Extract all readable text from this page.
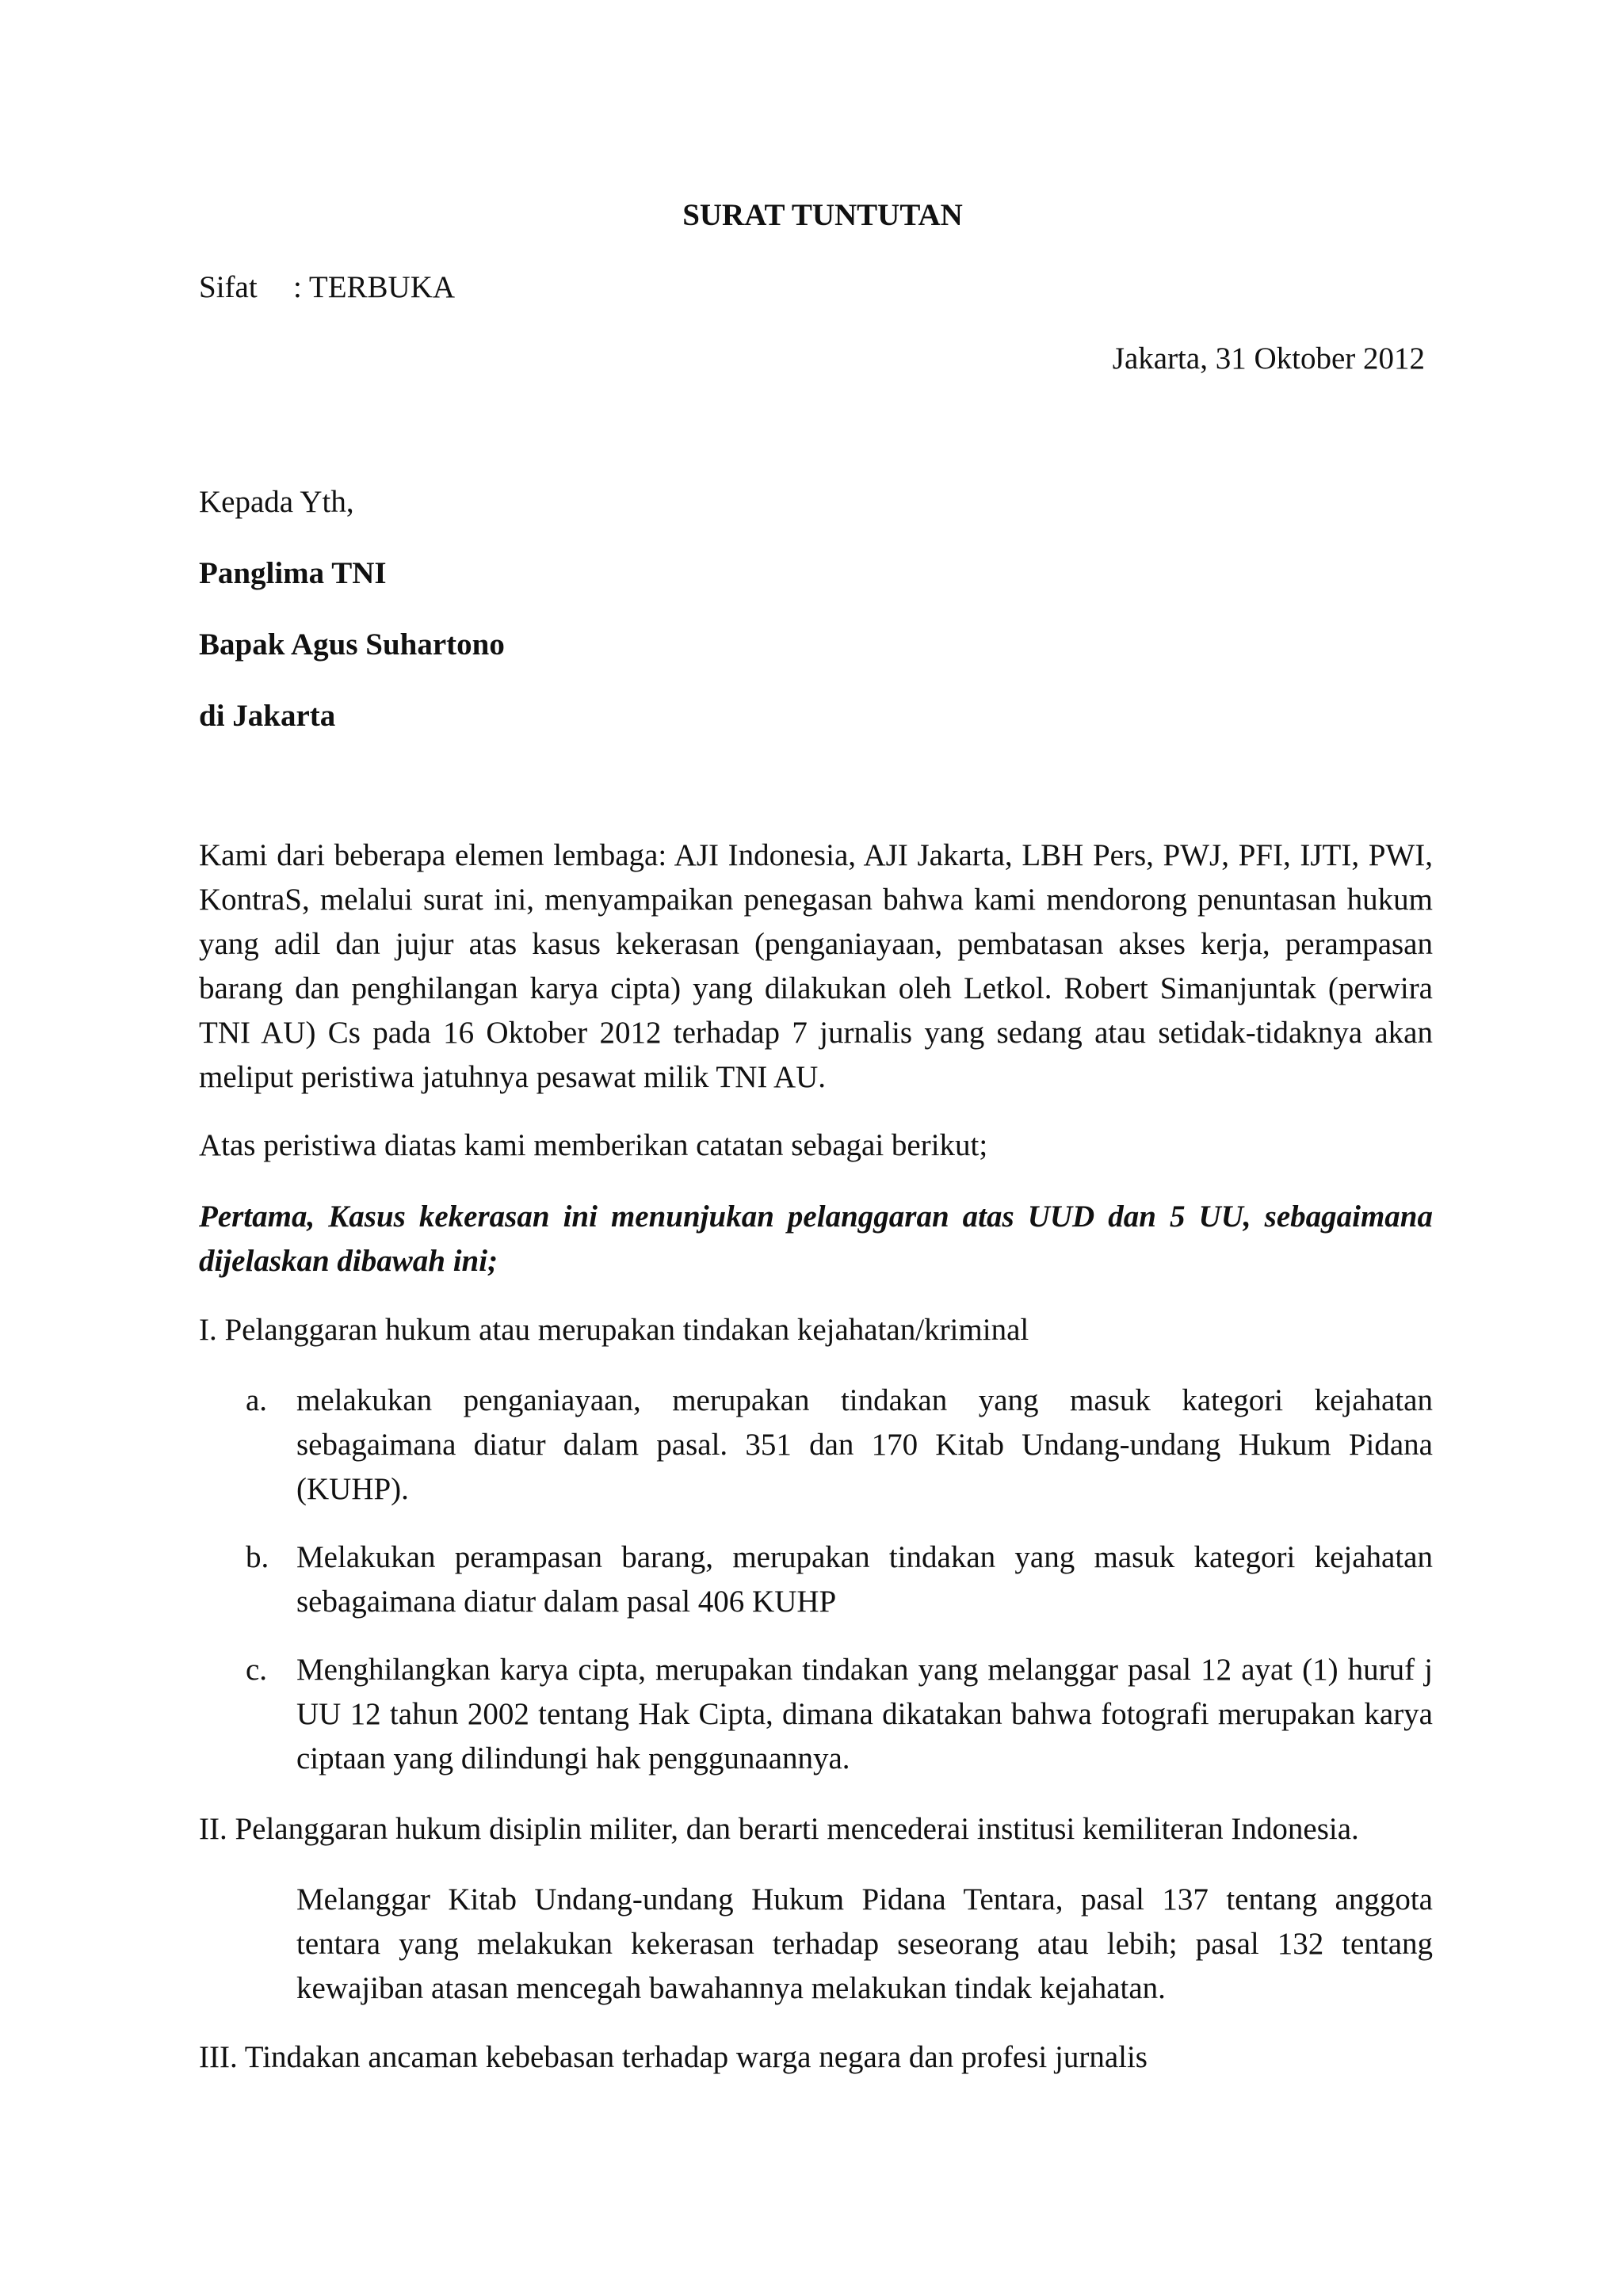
SURAT TUNTUTAN

Sifat : TERBUKA

Jakarta, 31 Oktober 2012

Kepada Yth,

Panglima TNI

Bapak Agus Suhartono

di Jakarta

Kami dari beberapa elemen lembaga: AJI Indonesia, AJI Jakarta, LBH Pers, PWJ, PFI, IJTI, PWI, KontraS, melalui surat ini, menyampaikan penegasan bahwa kami mendorong penuntasan hukum yang adil dan jujur atas kasus kekerasan (penganiayaan, pembatasan akses kerja, perampasan barang dan penghilangan karya cipta) yang dilakukan oleh Letkol. Robert Simanjuntak (perwira TNI AU) Cs pada 16 Oktober 2012 terhadap 7 jurnalis yang sedang atau setidak-tidaknya akan meliput peristiwa jatuhnya pesawat milik TNI AU.

Atas peristiwa diatas kami memberikan catatan sebagai berikut;

Pertama, Kasus kekerasan ini menunjukan pelanggaran atas UUD dan 5 UU, sebagaimana dijelaskan dibawah ini;

I. Pelanggaran hukum atau merupakan tindakan kejahatan/kriminal

a. melakukan penganiayaan, merupakan tindakan yang masuk kategori kejahatan sebagaimana diatur dalam pasal. 351 dan 170 Kitab Undang-undang Hukum Pidana (KUHP).

b. Melakukan perampasan barang, merupakan tindakan yang masuk kategori kejahatan sebagaimana diatur dalam pasal 406 KUHP

c. Menghilangkan karya cipta, merupakan tindakan yang melanggar pasal 12 ayat (1) huruf j UU 12 tahun 2002 tentang Hak Cipta, dimana dikatakan bahwa fotografi merupakan karya ciptaan yang dilindungi hak penggunaannya.

II. Pelanggaran hukum disiplin militer, dan berarti mencederai institusi kemiliteran Indonesia.

Melanggar Kitab Undang-undang Hukum Pidana Tentara, pasal 137 tentang anggota tentara yang melakukan kekerasan terhadap seseorang atau lebih; pasal 132 tentang kewajiban atasan mencegah bawahannya melakukan tindak kejahatan.

III. Tindakan ancaman kebebasan terhadap warga negara dan profesi jurnalis
